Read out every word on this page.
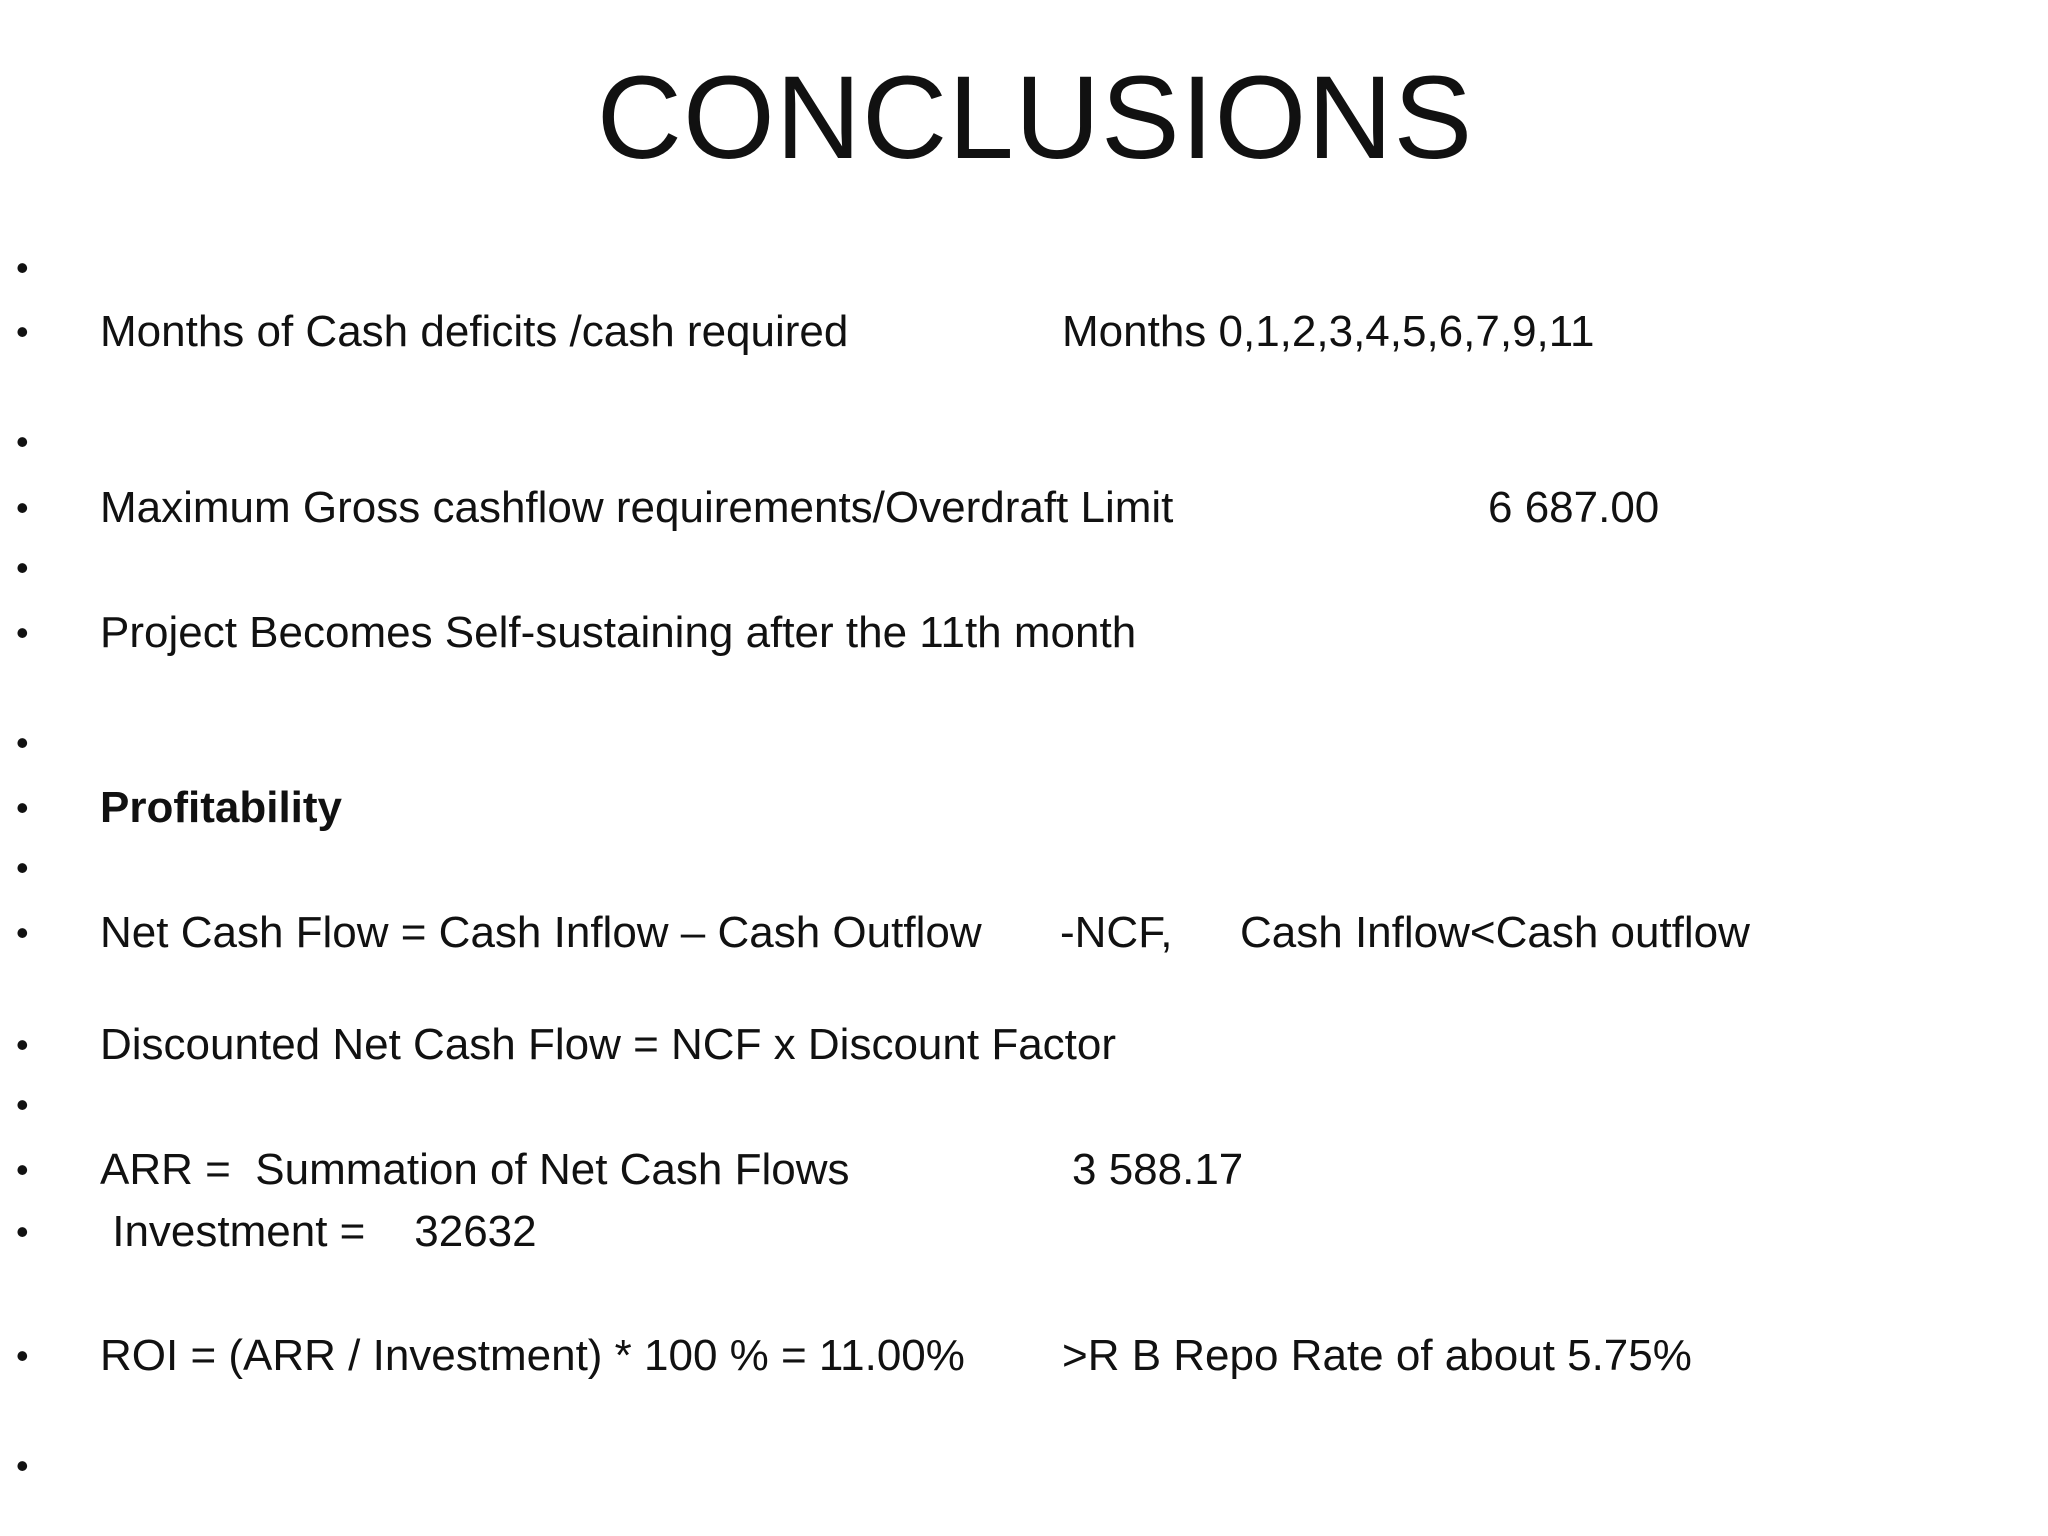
CONCLUSIONS
•
•	Months of Cash deficits /cash required	Months 0,1,2,3,4,5,6,7,9,11
•
•	Maximum Gross cashflow requirements/Overdraft Limit	6 687.00
•
•	Project Becomes Self-sustaining after the 11th month
•
•	Profitability
•
•	Net Cash Flow = Cash Inflow – Cash Outflow -NCF, Cash Inflow<Cash outflow
•	Discounted Net Cash Flow = NCF x Discount Factor
•
•	ARR =  Summation of Net Cash Flows	3 588.17
•	Investment =    32632
•	ROI = (ARR / Investment) * 100 % = 11.00% >R B Repo Rate of about 5.75%
•
